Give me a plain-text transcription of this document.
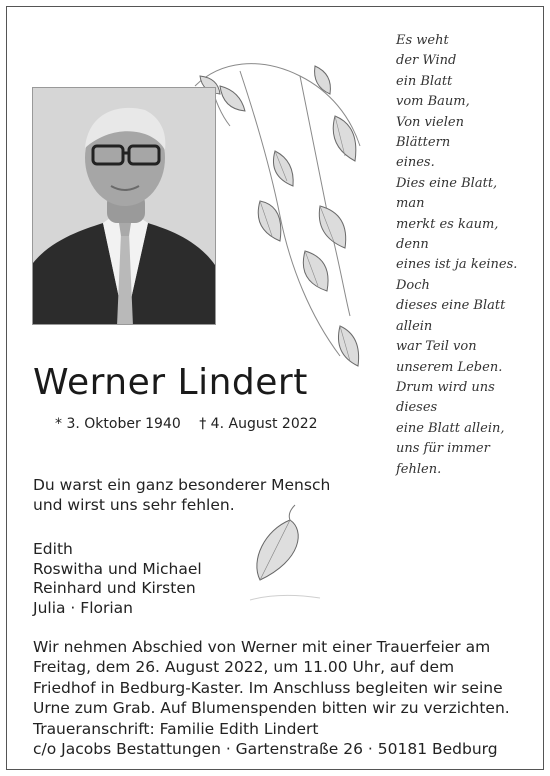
Werner Lindert
* 3. Oktober 1940 † 4. August 2022
Es weht
der Wind
ein Blatt
vom Baum,
Von vielen
Blättern
eines.
Dies eine Blatt,
man
merkt es kaum,
denn
eines ist ja keines.
Doch
dieses eine Blatt
allein
war Teil von
unserem Leben.
Drum wird uns
dieses
eine Blatt allein,
uns für immer
fehlen.
Du warst ein ganz besonderer Mensch
und wirst uns sehr fehlen.
Edith
Roswitha und Michael
Reinhard und Kirsten
Julia · Florian
Wir nehmen Abschied von Werner mit einer Trauerfeier am
Freitag, dem 26. August 2022, um 11.00 Uhr, auf dem
Friedhof in Bedburg-Kaster. Im Anschluss begleiten wir seine
Urne zum Grab. Auf Blumenspenden bitten wir zu verzichten.
Traueranschrift: Familie Edith Lindert
c/o Jacobs Bestattungen · Gartenstraße 26 · 50181 Bedburg
